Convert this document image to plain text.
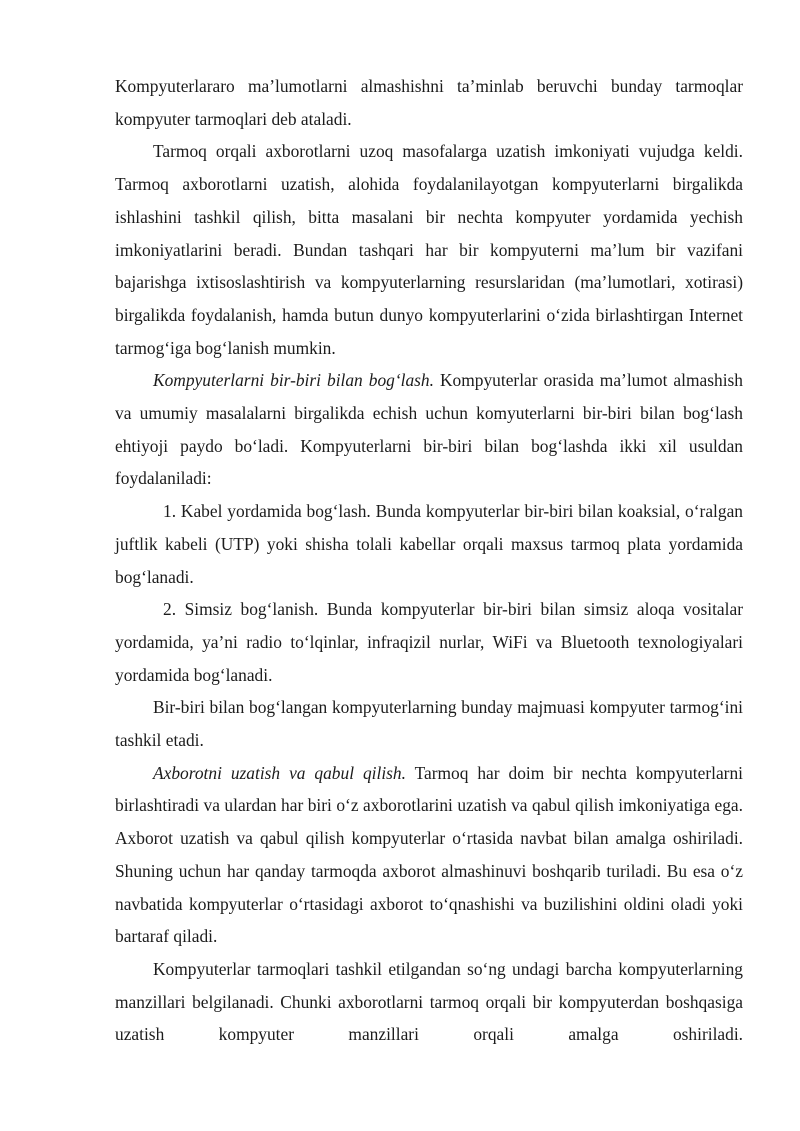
Kompyuterlararo ma’lumotlarni almashishni ta’minlab beruvchi bunday tarmoqlar kompyuter tarmoqlari deb ataladi.

Tarmoq orqali axborotlarni uzoq masofalarga uzatish imkoniyati vujudga keldi. Tarmoq axborotlarni uzatish, alohida foydalanilayotgan kompyuterlarni birgalikda ishlashini tashkil qilish, bitta masalani bir nechta kompyuter yordamida yechish imkoniyatlarini beradi. Bundan tashqari har bir kompyuterni ma’lum bir vazifani bajarishga ixtisoslashtirish va kompyuterlarning resurslaridan (ma’lumotlari, xotirasi) birgalikda foydalanish, hamda butun dunyo kompyuterlarini o‘zida birlashtirgan Internet tarmog‘iga bog‘lanish mumkin.

Kompyuterlarni bir-biri bilan bog‘lash. Kompyuterlar orasida ma’lumot almashish va umumiy masalalarni birgalikda echish uchun komyuterlarni bir-biri bilan bog‘lash ehtiyoji paydo bo‘ladi. Kompyuterlarni bir-biri bilan bog‘lashda ikki xil usuldan foydalaniladi:

1. Kabel yordamida bog‘lash. Bunda kompyuterlar bir-biri bilan koaksial, o‘ralgan juftlik kabeli (UTP) yoki shisha tolali kabellar orqali maxsus tarmoq plata yordamida bog‘lanadi.

2. Simsiz bog‘lanish. Bunda kompyuterlar bir-biri bilan simsiz aloqa vositalar yordamida, ya’ni radio to‘lqinlar, infraqizil nurlar, WiFi va Bluetooth texnologiyalari yordamida bog‘lanadi.

Bir-biri bilan bog‘langan kompyuterlarning bunday majmuasi kompyuter tarmog‘ini tashkil etadi.

Axborotni uzatish va qabul qilish. Tarmoq har doim bir nechta kompyuterlarni birlashtiradi va ulardan har biri o‘z axborotlarini uzatish va qabul qilish imkoniyatiga ega. Axborot uzatish va qabul qilish kompyuterlar o‘rtasida navbat bilan amalga oshiriladi. Shuning uchun har qanday tarmoqda axborot almashinuvi boshqarib turiladi. Bu esa o‘z navbatida kompyuterlar o‘rtasidagi axborot to‘qnashishi va buzilishini oldini oladi yoki bartaraf qiladi.

Kompyuterlar tarmoqlari tashkil etilgandan so‘ng undagi barcha kompyuterlarning manzillari belgilanadi. Chunki axborotlarni tarmoq orqali bir kompyuterdan boshqasiga uzatish kompyuter manzillari orqali amalga oshiriladi.
